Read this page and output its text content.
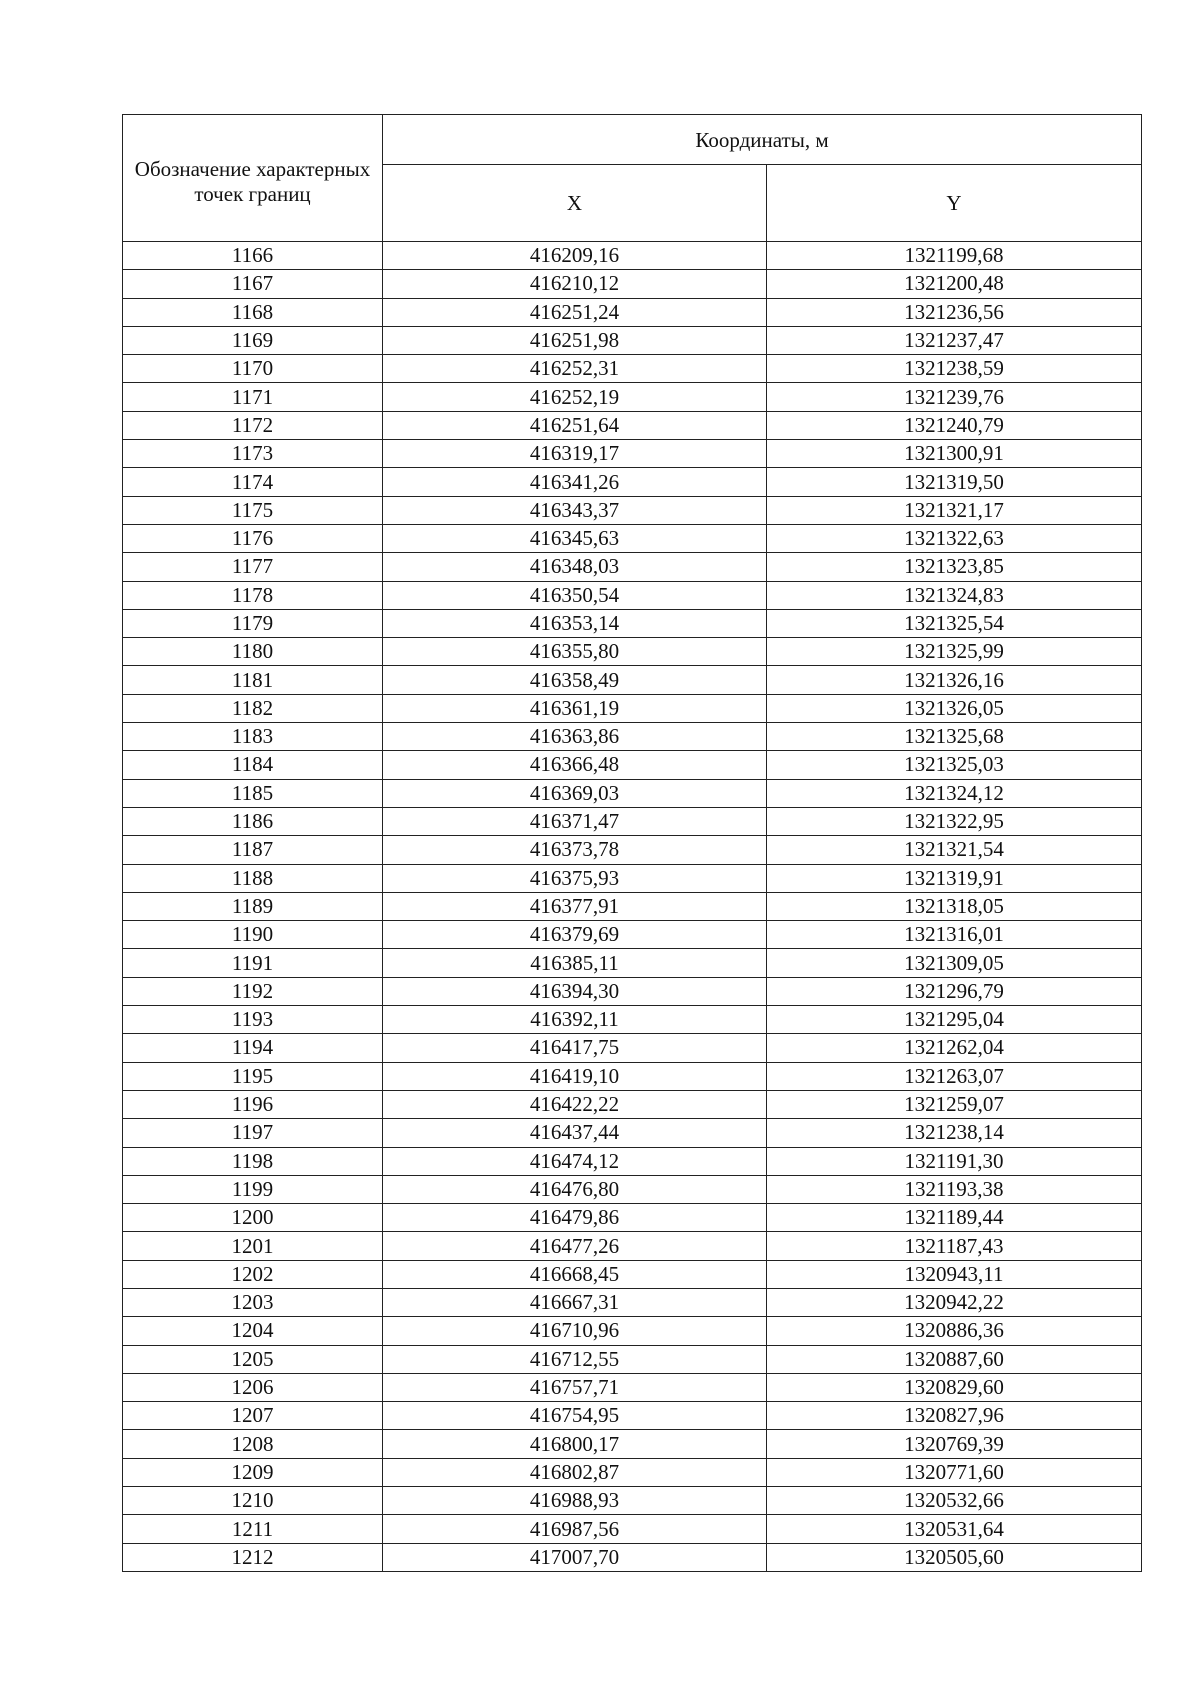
Обозначение характерных точек границ	Координаты, м	
	X	Y
1166	416209,16	1321199,68
1167	416210,12	1321200,48
1168	416251,24	1321236,56
1169	416251,98	1321237,47
1170	416252,31	1321238,59
1171	416252,19	1321239,76
1172	416251,64	1321240,79
1173	416319,17	1321300,91
1174	416341,26	1321319,50
1175	416343,37	1321321,17
1176	416345,63	1321322,63
1177	416348,03	1321323,85
1178	416350,54	1321324,83
1179	416353,14	1321325,54
1180	416355,80	1321325,99
1181	416358,49	1321326,16
1182	416361,19	1321326,05
1183	416363,86	1321325,68
1184	416366,48	1321325,03
1185	416369,03	1321324,12
1186	416371,47	1321322,95
1187	416373,78	1321321,54
1188	416375,93	1321319,91
1189	416377,91	1321318,05
1190	416379,69	1321316,01
1191	416385,11	1321309,05
1192	416394,30	1321296,79
1193	416392,11	1321295,04
1194	416417,75	1321262,04
1195	416419,10	1321263,07
1196	416422,22	1321259,07
1197	416437,44	1321238,14
1198	416474,12	1321191,30
1199	416476,80	1321193,38
1200	416479,86	1321189,44
1201	416477,26	1321187,43
1202	416668,45	1320943,11
1203	416667,31	1320942,22
1204	416710,96	1320886,36
1205	416712,55	1320887,60
1206	416757,71	1320829,60
1207	416754,95	1320827,96
1208	416800,17	1320769,39
1209	416802,87	1320771,60
1210	416988,93	1320532,66
1211	416987,56	1320531,64
1212	417007,70	1320505,60
